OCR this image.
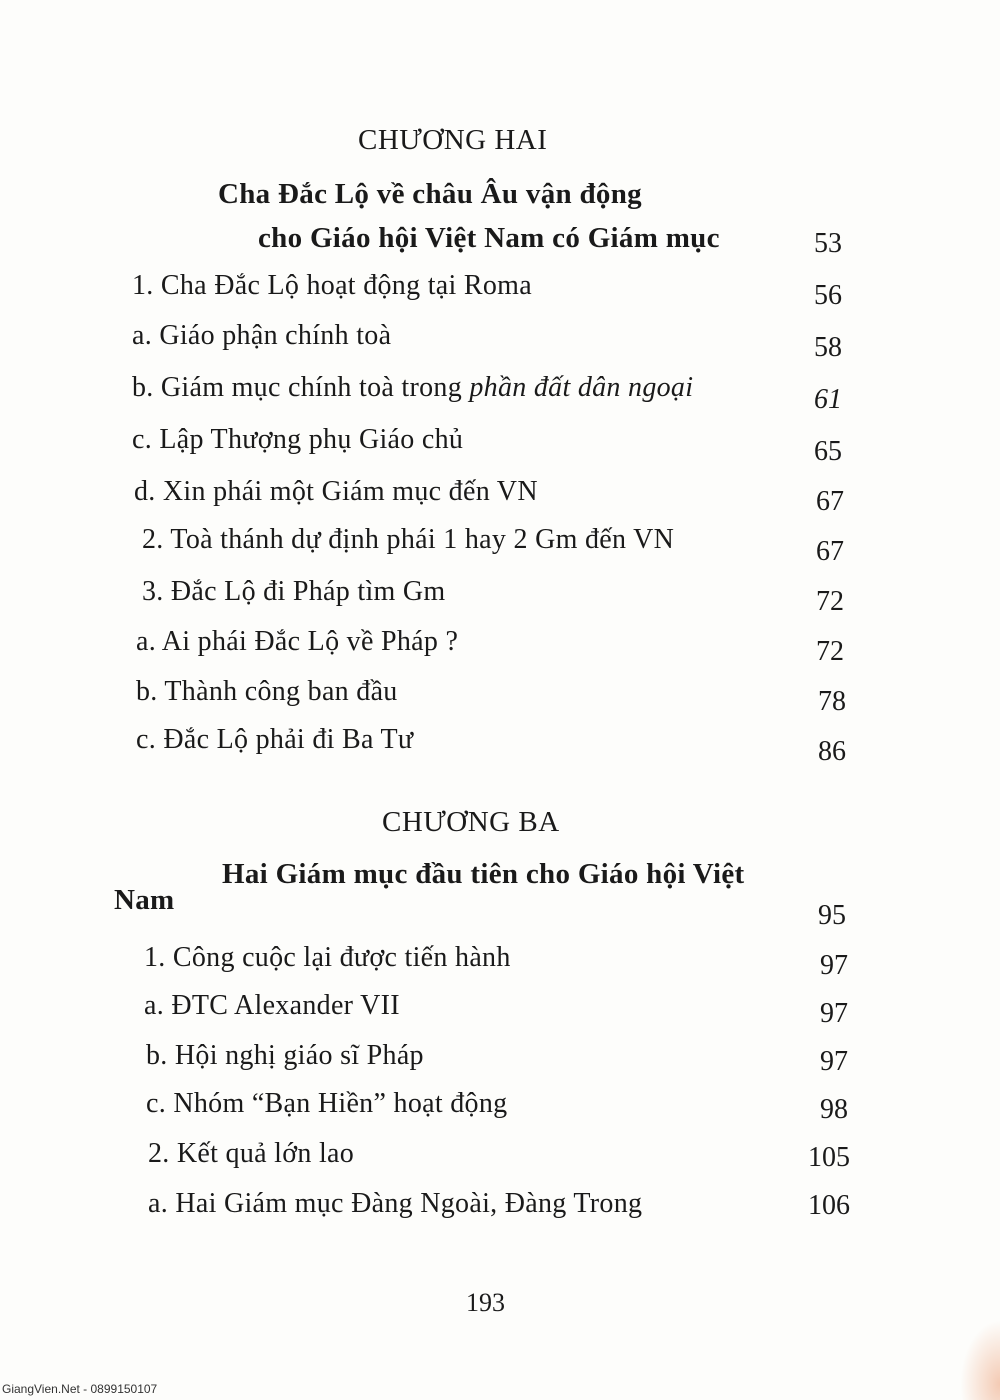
CHƯƠNG HAI
Cha Đắc Lộ về châu Âu vận động
cho Giáo hội Việt Nam có Giám mục	53
1. Cha Đắc Lộ hoạt động tại Roma	56
a. Giáo phận chính toà	58
b. Giám mục chính toà trong phần đất dân ngoại	61
c. Lập Thượng phụ Giáo chủ	65
d. Xin phái một Giám mục đến VN	67
2. Toà thánh dự định phái 1 hay 2 Gm đến VN	67
3. Đắc Lộ đi Pháp tìm Gm	72
a. Ai phái Đắc Lộ về Pháp ?	72
b. Thành công ban đầu	78
c. Đắc Lộ phải đi Ba Tư	86
CHƯƠNG BA
Hai Giám mục đầu tiên cho Giáo hội Việt
Nam	95
1. Công cuộc lại được tiến hành	97
a. ĐTC Alexander VII	97
b. Hội nghị giáo sĩ Pháp	97
c. Nhóm “Bạn Hiền” hoạt động	98
2. Kết quả lớn lao	105
a. Hai Giám mục Đàng Ngoài, Đàng Trong	106
193
GiangVien.Net - 0899150107
